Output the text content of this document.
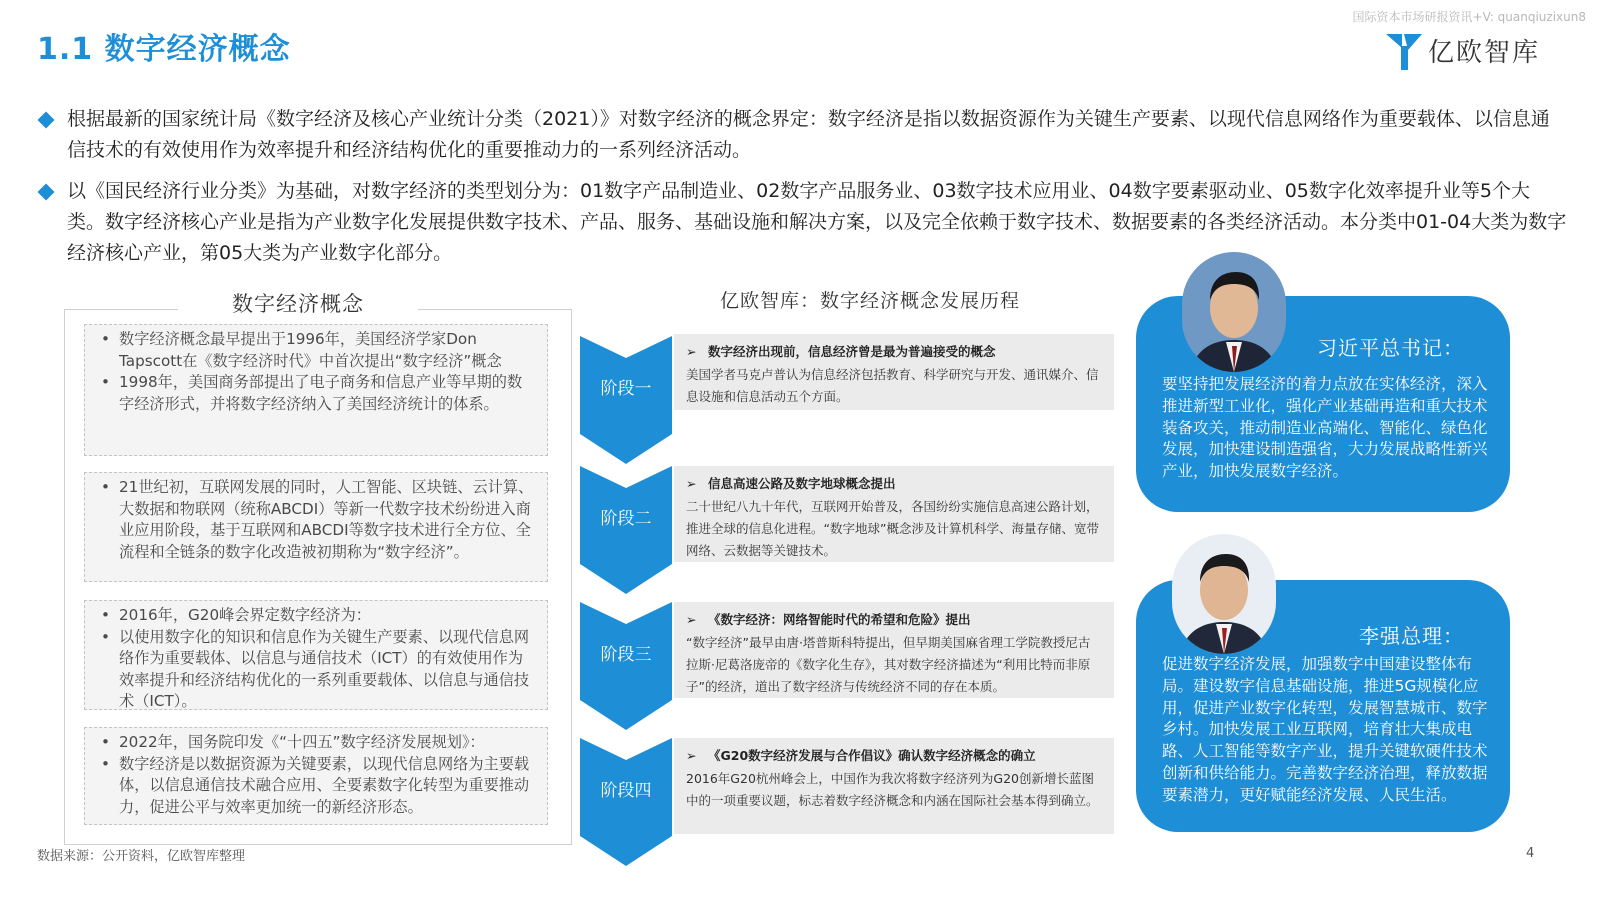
国际资本市场研报资讯+V: quanqiuzixun8
1.1 数字经济概念	亿欧智库
根据最新的国家统计局《数字经济及核心产业统计分类（2021）》对数字经济的概念界定：数字经济是指以数据资源作为关键生产要素、以现代信息网络作为重要载体、以信息通信技术的有效使用作为效率提升和经济结构优化的重要推动力的一系列经济活动。
以《国民经济行业分类》为基础，对数字经济的类型划分为：01数字产品制造业、02数字产品服务业、03数字技术应用业、04数字要素驱动业、05数字化效率提升业等5个大类。数字经济核心产业是指为产业数字化发展提供数字技术、产品、服务、基础设施和解决方案，以及完全依赖于数字技术、数据要素的各类经济活动。本分类中01-04大类为数字经济核心产业，第05大类为产业数字化部分。
数字经济概念
• 数字经济概念最早提出于1996年，美国经济学家Don Tapscott在《数字经济时代》中首次提出“数字经济”概念
• 1998年，美国商务部提出了电子商务和信息产业等早期的数字经济形式，并将数字经济纳入了美国经济统计的体系。
• 21世纪初，互联网发展的同时，人工智能、区块链、云计算、大数据和物联网（统称ABCDI）等新一代数字技术纷纷进入商业应用阶段，基于互联网和ABCDI等数字技术进行全方位、全流程和全链条的数字化改造被初期称为“数字经济”。
• 2016年，G20峰会界定数字经济为：
• 以使用数字化的知识和信息作为关键生产要素、以现代信息网络作为重要载体、以信息与通信技术（ICT）的有效使用作为效率提升和经济结构优化的一系列重要载体、以信息与通信技术（ICT）。
• 2022年，国务院印发《“十四五”数字经济发展规划》：
• 数字经济是以数据资源为关键要素，以现代信息网络为主要载体，以信息通信技术融合应用、全要素数字化转型为重要推动力，促进公平与效率更加统一的新经济形态。
亿欧智库：数字经济概念发展历程
阶段一
➢ 数字经济出现前，信息经济曾是最为普遍接受的概念
美国学者马克卢普认为信息经济包括教育、科学研究与开发、通讯媒介、信息设施和信息活动五个方面。
阶段二
➢ 信息高速公路及数字地球概念提出
二十世纪八九十年代，互联网开始普及，各国纷纷实施信息高速公路计划，推进全球的信息化进程。“数字地球”概念涉及计算机科学、海量存储、宽带网络、云数据等关键技术。
阶段三
➢ 《数字经济：网络智能时代的希望和危险》提出
“数字经济”最早由唐·塔普斯科特提出，但早期美国麻省理工学院教授尼古拉斯·尼葛洛庞帝的《数字化生存》，其对数字经济描述为“利用比特而非原子”的经济，道出了数字经济与传统经济不同的存在本质。
阶段四
➢ 《G20数字经济发展与合作倡议》确认数字经济概念的确立
2016年G20杭州峰会上，中国作为我次将数字经济列为G20创新增长蓝图中的一项重要议题，标志着数字经济概念和内涵在国际社会基本得到确立。
习近平总书记：
要坚持把发展经济的着力点放在实体经济，深入推进新型工业化，强化产业基础再造和重大技术装备攻关，推动制造业高端化、智能化、绿色化发展，加快建设制造强省，大力发展战略性新兴产业，加快发展数字经济。
李强总理：
促进数字经济发展，加强数字中国建设整体布局。建设数字信息基础设施，推进5G规模化应用，促进产业数字化转型，发展智慧城市、数字乡村。加快发展工业互联网，培育壮大集成电路、人工智能等数字产业，提升关键软硬件技术创新和供给能力。完善数字经济治理，释放数据要素潜力，更好赋能经济发展、人民生活。
数据来源：公开资料，亿欧智库整理	4
